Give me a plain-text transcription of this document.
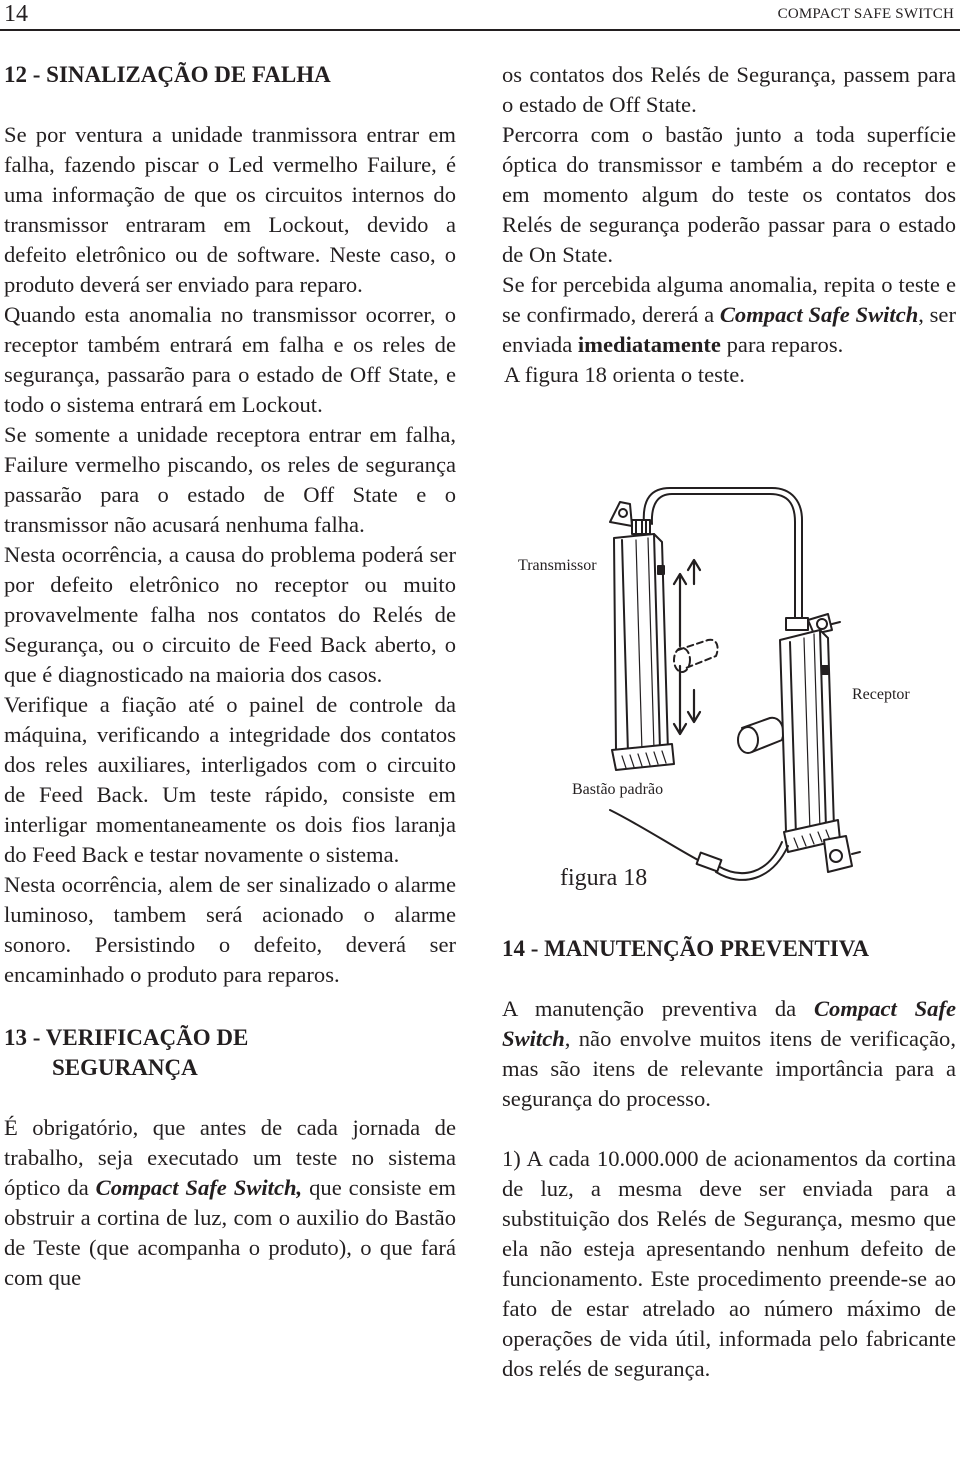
14	COMPACT SAFE SWITCH

12 - SINALIZAÇÃO DE FALHA

Se por ventura a unidade tranmissora entrar em falha, fazendo piscar o Led vermelho Failure, é uma informação de que os circuitos internos do transmissor entraram em Lockout, devido a defeito eletrônico ou de software. Neste caso, o produto deverá ser enviado para reparo.

Quando esta anomalia no transmissor ocorrer, o receptor também entrará em falha e os reles de segurança, passarão para o estado de Off State, e todo o sistema entrará em Lockout.

Se somente a unidade receptora entrar em falha, Failure vermelho piscando, os reles de segurança passarão para o estado de Off State e o transmissor não acusará nenhuma falha.

Nesta ocorrência, a causa do problema poderá ser por defeito eletrônico no receptor ou muito provavelmente falha nos contatos do Relés de Segurança, ou o circuito de Feed Back aberto, o que é diagnosticado na maioria dos casos.

Verifique a fiação até o painel de controle da máquina, verificando a integridade dos contatos dos reles auxiliares, interligados com o circuito de Feed Back. Um teste rápido, consiste em interligar momentaneamente os dois fios laranja do Feed Back e testar novamente o sistema.

Nesta ocorrência, alem de ser sinalizado o alarme luminoso, tambem será acionado o alarme sonoro. Persistindo o defeito, deverá ser encaminhado o produto para reparos.

13 - VERIFICAÇÃO DE
SEGURANÇA

É obrigatório, que antes de cada jornada de trabalho, seja executado um teste no sistema óptico da Compact Safe Switch, que consiste em obstruir a cortina de luz, com o auxilio do Bastão de Teste (que acompanha o produto), o que fará com que

os contatos dos Relés de Segurança, passem para o estado de Off State.

Percorra com o bastão junto a toda superfície óptica do transmissor e também a do receptor e em momento algum do teste os contatos dos Relés de segurança poderão passar para o estado de On State.

Se for percebida alguma anomalia, repita o teste e se confirmado, dererá a Compact Safe Switch, ser enviada imediatamente para reparos.

A figura 18 orienta o teste.

Transmissor
Receptor
Bastão padrão
figura 18

14 - MANUTENÇÃO PREVENTIVA

A manutenção preventiva da Compact Safe Switch, não envolve muitos itens de verificação, mas são itens de relevante importância para a segurança do processo.

1) A cada 10.000.000 de acionamentos da cortina de luz, a mesma deve ser enviada para a substituição dos Relés de Segurança, mesmo que ela não esteja apresentando nenhum defeito de funcionamento. Este procedimento preende-se ao fato de estar atrelado ao número máximo de operações de vida útil, informada pelo fabricante dos relés de segurança.
